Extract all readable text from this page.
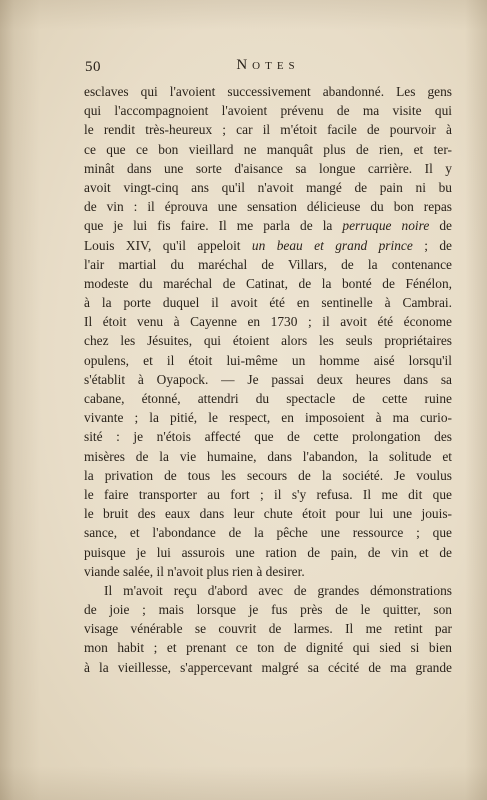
50	Notes
esclaves qui l'avoient successivement abandonné. Les gens
qui l'accompagnoient l'avoient prévenu de ma visite qui
le rendit très-heureux ; car il m'étoit facile de pourvoir à
ce que ce bon vieillard ne manquât plus de rien, et ter-
minât dans une sorte d'aisance sa longue carrière. Il y
avoit vingt-cinq ans qu'il n'avoit mangé de pain ni bu
de vin : il éprouva une sensation délicieuse du bon repas
que je lui fis faire. Il me parla de la perruque noire de
Louis XIV, qu'il appeloit un beau et grand prince ; de
l'air martial du maréchal de Villars, de la contenance
modeste du maréchal de Catinat, de la bonté de Fénélon,
à la porte duquel il avoit été en sentinelle à Cambrai.
Il étoit venu à Cayenne en 1730 ; il avoit été économe
chez les Jésuites, qui étoient alors les seuls propriétaires
opulens, et il étoit lui-même un homme aisé lorsqu'il
s'établit à Oyapock. — Je passai deux heures dans sa
cabane, étonné, attendri du spectacle de cette ruine
vivante ; la pitié, le respect, en imposoient à ma curio-
sité : je n'étois affecté que de cette prolongation des
misères de la vie humaine, dans l'abandon, la solitude et
la privation de tous les secours de la société. Je voulus
le faire transporter au fort ; il s'y refusa. Il me dit que
le bruit des eaux dans leur chute étoit pour lui une jouis-
sance, et l'abondance de la pêche une ressource ; que
puisque je lui assurois une ration de pain, de vin et de
viande salée, il n'avoit plus rien à desirer.
Il m'avoit reçu d'abord avec de grandes démonstrations
de joie ; mais lorsque je fus près de le quitter, son
visage vénérable se couvrit de larmes. Il me retint par
mon habit ; et prenant ce ton de dignité qui sied si bien
à la vieillesse, s'appercevant malgré sa cécité de ma grande
